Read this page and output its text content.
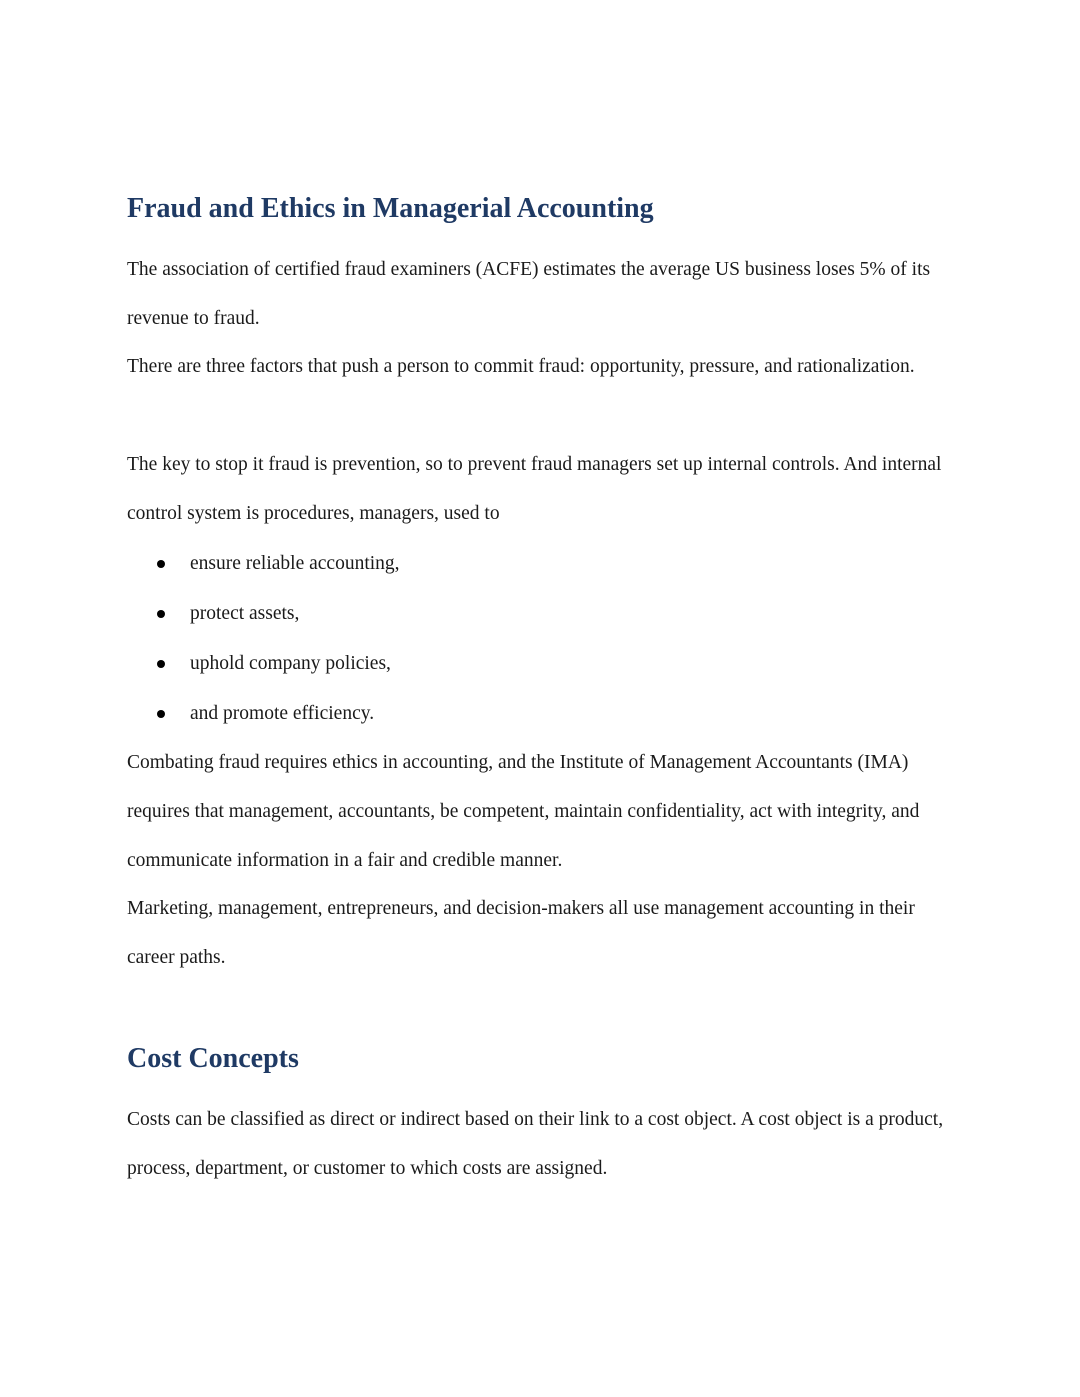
Fraud and Ethics in Managerial Accounting

The association of certified fraud examiners (ACFE) estimates the average US business loses 5% of its revenue to fraud.

There are three factors that push a person to commit fraud: opportunity, pressure, and rationalization.

The key to stop it fraud is prevention, so to prevent fraud managers set up internal controls. And internal control system is procedures, managers, used to

ensure reliable accounting,
protect assets,
uphold company policies,
and promote efficiency.

Combating fraud requires ethics in accounting, and the Institute of Management Accountants (IMA) requires that management, accountants, be competent, maintain confidentiality, act with integrity, and communicate information in a fair and credible manner.

Marketing, management, entrepreneurs, and decision-makers all use management accounting in their career paths.

Cost Concepts

Costs can be classified as direct or indirect based on their link to a cost object. A cost object is a product, process, department, or customer to which costs are assigned.
